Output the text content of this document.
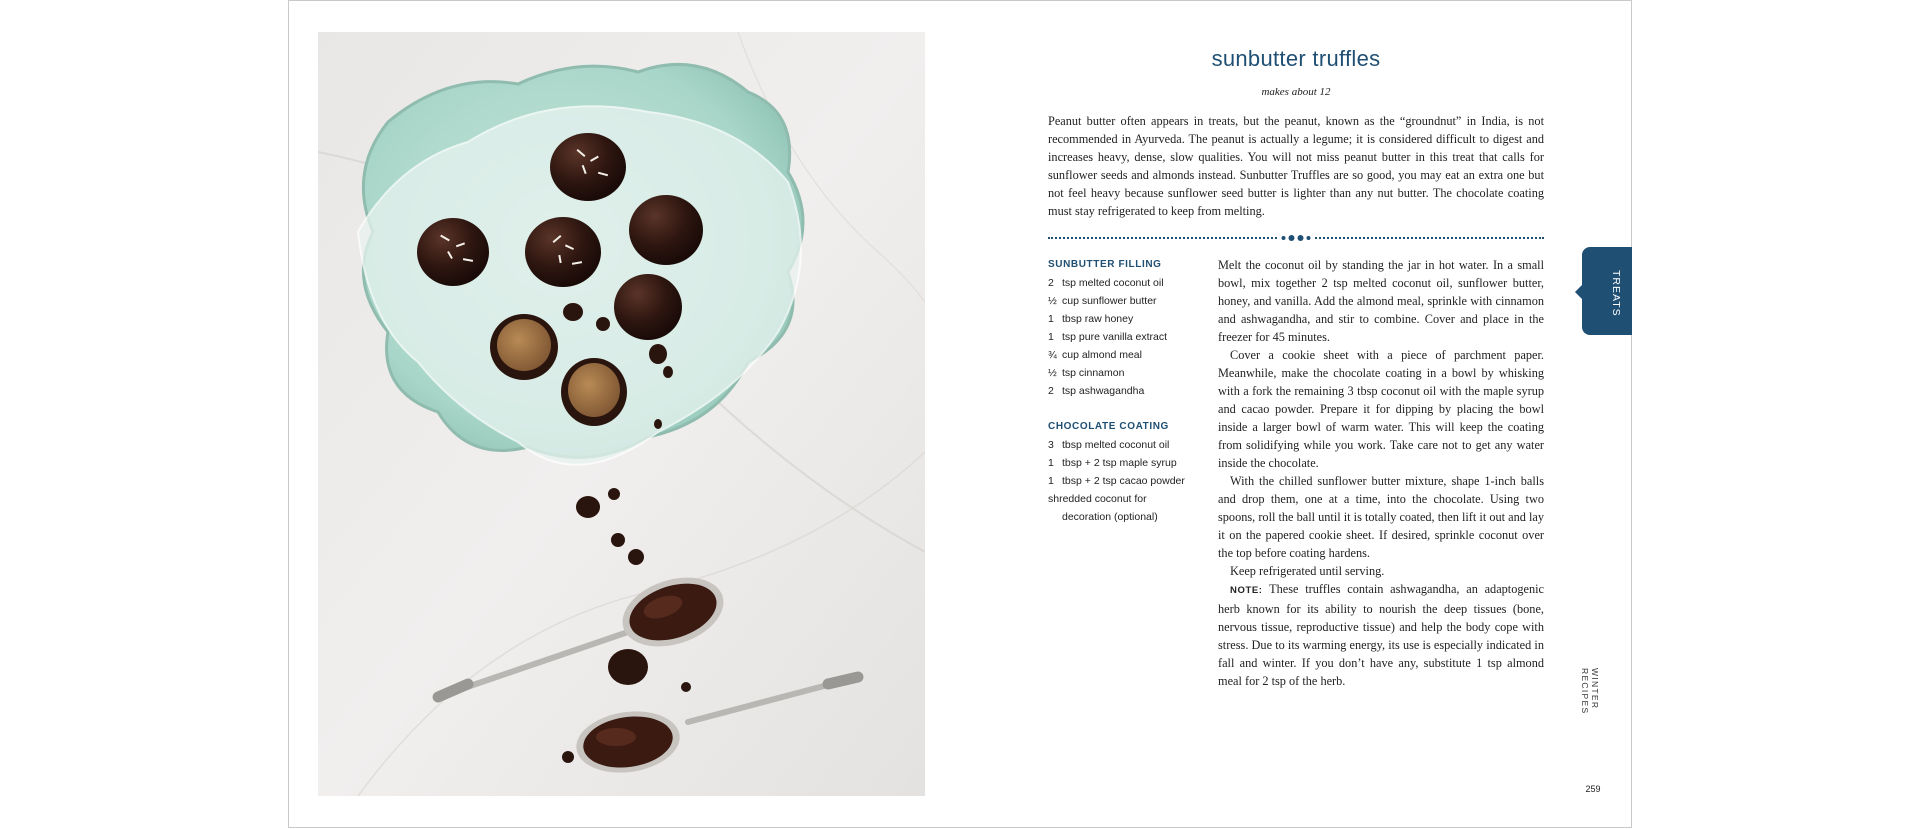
sunbutter truffles
makes about 12

Peanut butter often appears in treats, but the peanut, known as the “groundnut” in India, is not recommended in Ayurveda. The peanut is actually a legume; it is considered difficult to digest and increases heavy, dense, slow qualities. You will not miss peanut butter in this treat that calls for sunflower seeds and almonds instead. Sunbutter Truffles are so good, you may eat an extra one but not feel heavy because sunflower seed butter is lighter than any nut butter. The chocolate coating must stay refrigerated to keep from melting.

SUNBUTTER FILLING
2 tsp melted coconut oil
½ cup sunflower butter
1 tbsp raw honey
1 tsp pure vanilla extract
¾ cup almond meal
½ tsp cinnamon
2 tsp ashwagandha
CHOCOLATE COATING
3 tbsp melted coconut oil
1 tbsp + 2 tsp maple syrup
1 tbsp + 2 tsp cacao powder
shredded coconut for
decoration (optional)

Melt the coconut oil by standing the jar in hot water. In a small bowl, mix together 2 tsp melted coconut oil, sunflower butter, honey, and vanilla. Add the almond meal, sprinkle with cinnamon and ashwagandha, and stir to combine. Cover and place in the freezer for 45 minutes.

Cover a cookie sheet with a piece of parchment paper. Meanwhile, make the chocolate coating in a bowl by whisking with a fork the remaining 3 tbsp coconut oil with the maple syrup and cacao powder. Prepare it for dipping by placing the bowl inside a larger bowl of warm water. This will keep the coating from solidifying while you work. Take care not to get any water inside the chocolate.

With the chilled sunflower butter mixture, shape 1-inch balls and drop them, one at a time, into the chocolate. Using two spoons, roll the ball until it is totally coated, then lift it out and lay it on the papered cookie sheet. If desired, sprinkle coconut over the top before coating hardens.

Keep refrigerated until serving.

NOTE: These truffles contain ashwagandha, an adaptogenic herb known for its ability to nourish the deep tissues (bone, nervous tissue, reproductive tissue) and help the body cope with stress. Due to its warming energy, its use is especially indicated in fall and winter. If you don’t have any, substitute 1 tsp almond meal for 2 tsp of the herb.

TREATS
WINTER RECIPES
259
